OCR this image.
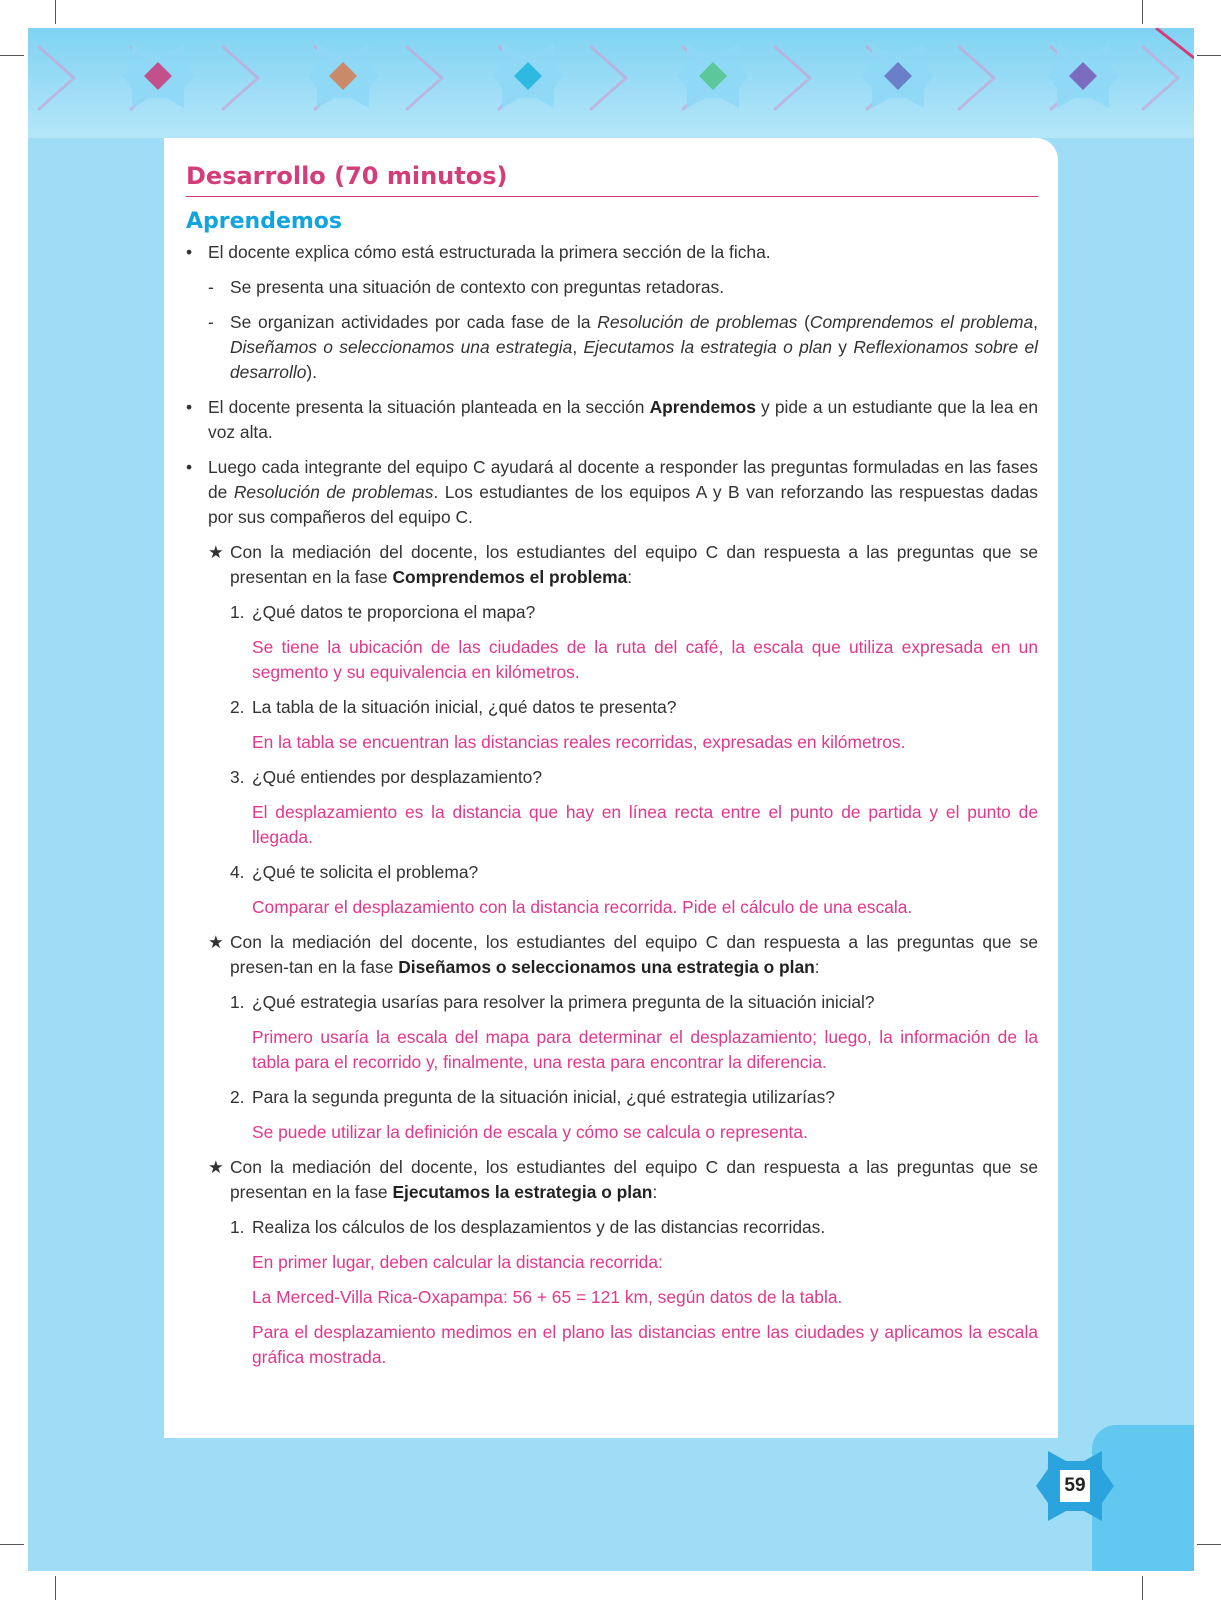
Desarrollo (70 minutos)
Aprendemos

• El docente explica cómo está estructurada la primera sección de la ficha.

- Se presenta una situación de contexto con preguntas retadoras.

- Se organizan actividades por cada fase de la Resolución de problemas (Comprendemos el problema, Diseñamos o seleccionamos una estrategia, Ejecutamos la estrategia o plan y Reflexionamos sobre el desarrollo).

• El docente presenta la situación planteada en la sección Aprendemos y pide a un estudiante que la lea en voz alta.

• Luego cada integrante del equipo C ayudará al docente a responder las preguntas formuladas en las fases de Resolución de problemas. Los estudiantes de los equipos A y B van reforzando las respuestas dadas por sus compañeros del equipo C.

★ Con la mediación del docente, los estudiantes del equipo C dan respuesta a las preguntas que se presentan en la fase Comprendemos el problema:

1. ¿Qué datos te proporciona el mapa?

Se tiene la ubicación de las ciudades de la ruta del café, la escala que utiliza expresada en un segmento y su equivalencia en kilómetros.

2. La tabla de la situación inicial, ¿qué datos te presenta?

En la tabla se encuentran las distancias reales recorridas, expresadas en kilómetros.

3. ¿Qué entiendes por desplazamiento?

El desplazamiento es la distancia que hay en línea recta entre el punto de partida y el punto de llegada.

4. ¿Qué te solicita el problema?

Comparar el desplazamiento con la distancia recorrida. Pide el cálculo de una escala.

★ Con la mediación del docente, los estudiantes del equipo C dan respuesta a las preguntas que se presen-tan en la fase Diseñamos o seleccionamos una estrategia o plan:

1. ¿Qué estrategia usarías para resolver la primera pregunta de la situación inicial?

Primero usaría la escala del mapa para determinar el desplazamiento; luego, la información de la tabla para el recorrido y, finalmente, una resta para encontrar la diferencia.

2. Para la segunda pregunta de la situación inicial, ¿qué estrategia utilizarías?

Se puede utilizar la definición de escala y cómo se calcula o representa.

★ Con la mediación del docente, los estudiantes del equipo C dan respuesta a las preguntas que se presentan en la fase Ejecutamos la estrategia o plan:

1. Realiza los cálculos de los desplazamientos y de las distancias recorridas.

En primer lugar, deben calcular la distancia recorrida:

La Merced-Villa Rica-Oxapampa: 56 + 65 = 121 km, según datos de la tabla.

Para el desplazamiento medimos en el plano las distancias entre las ciudades y aplicamos la escala gráfica mostrada.

59
